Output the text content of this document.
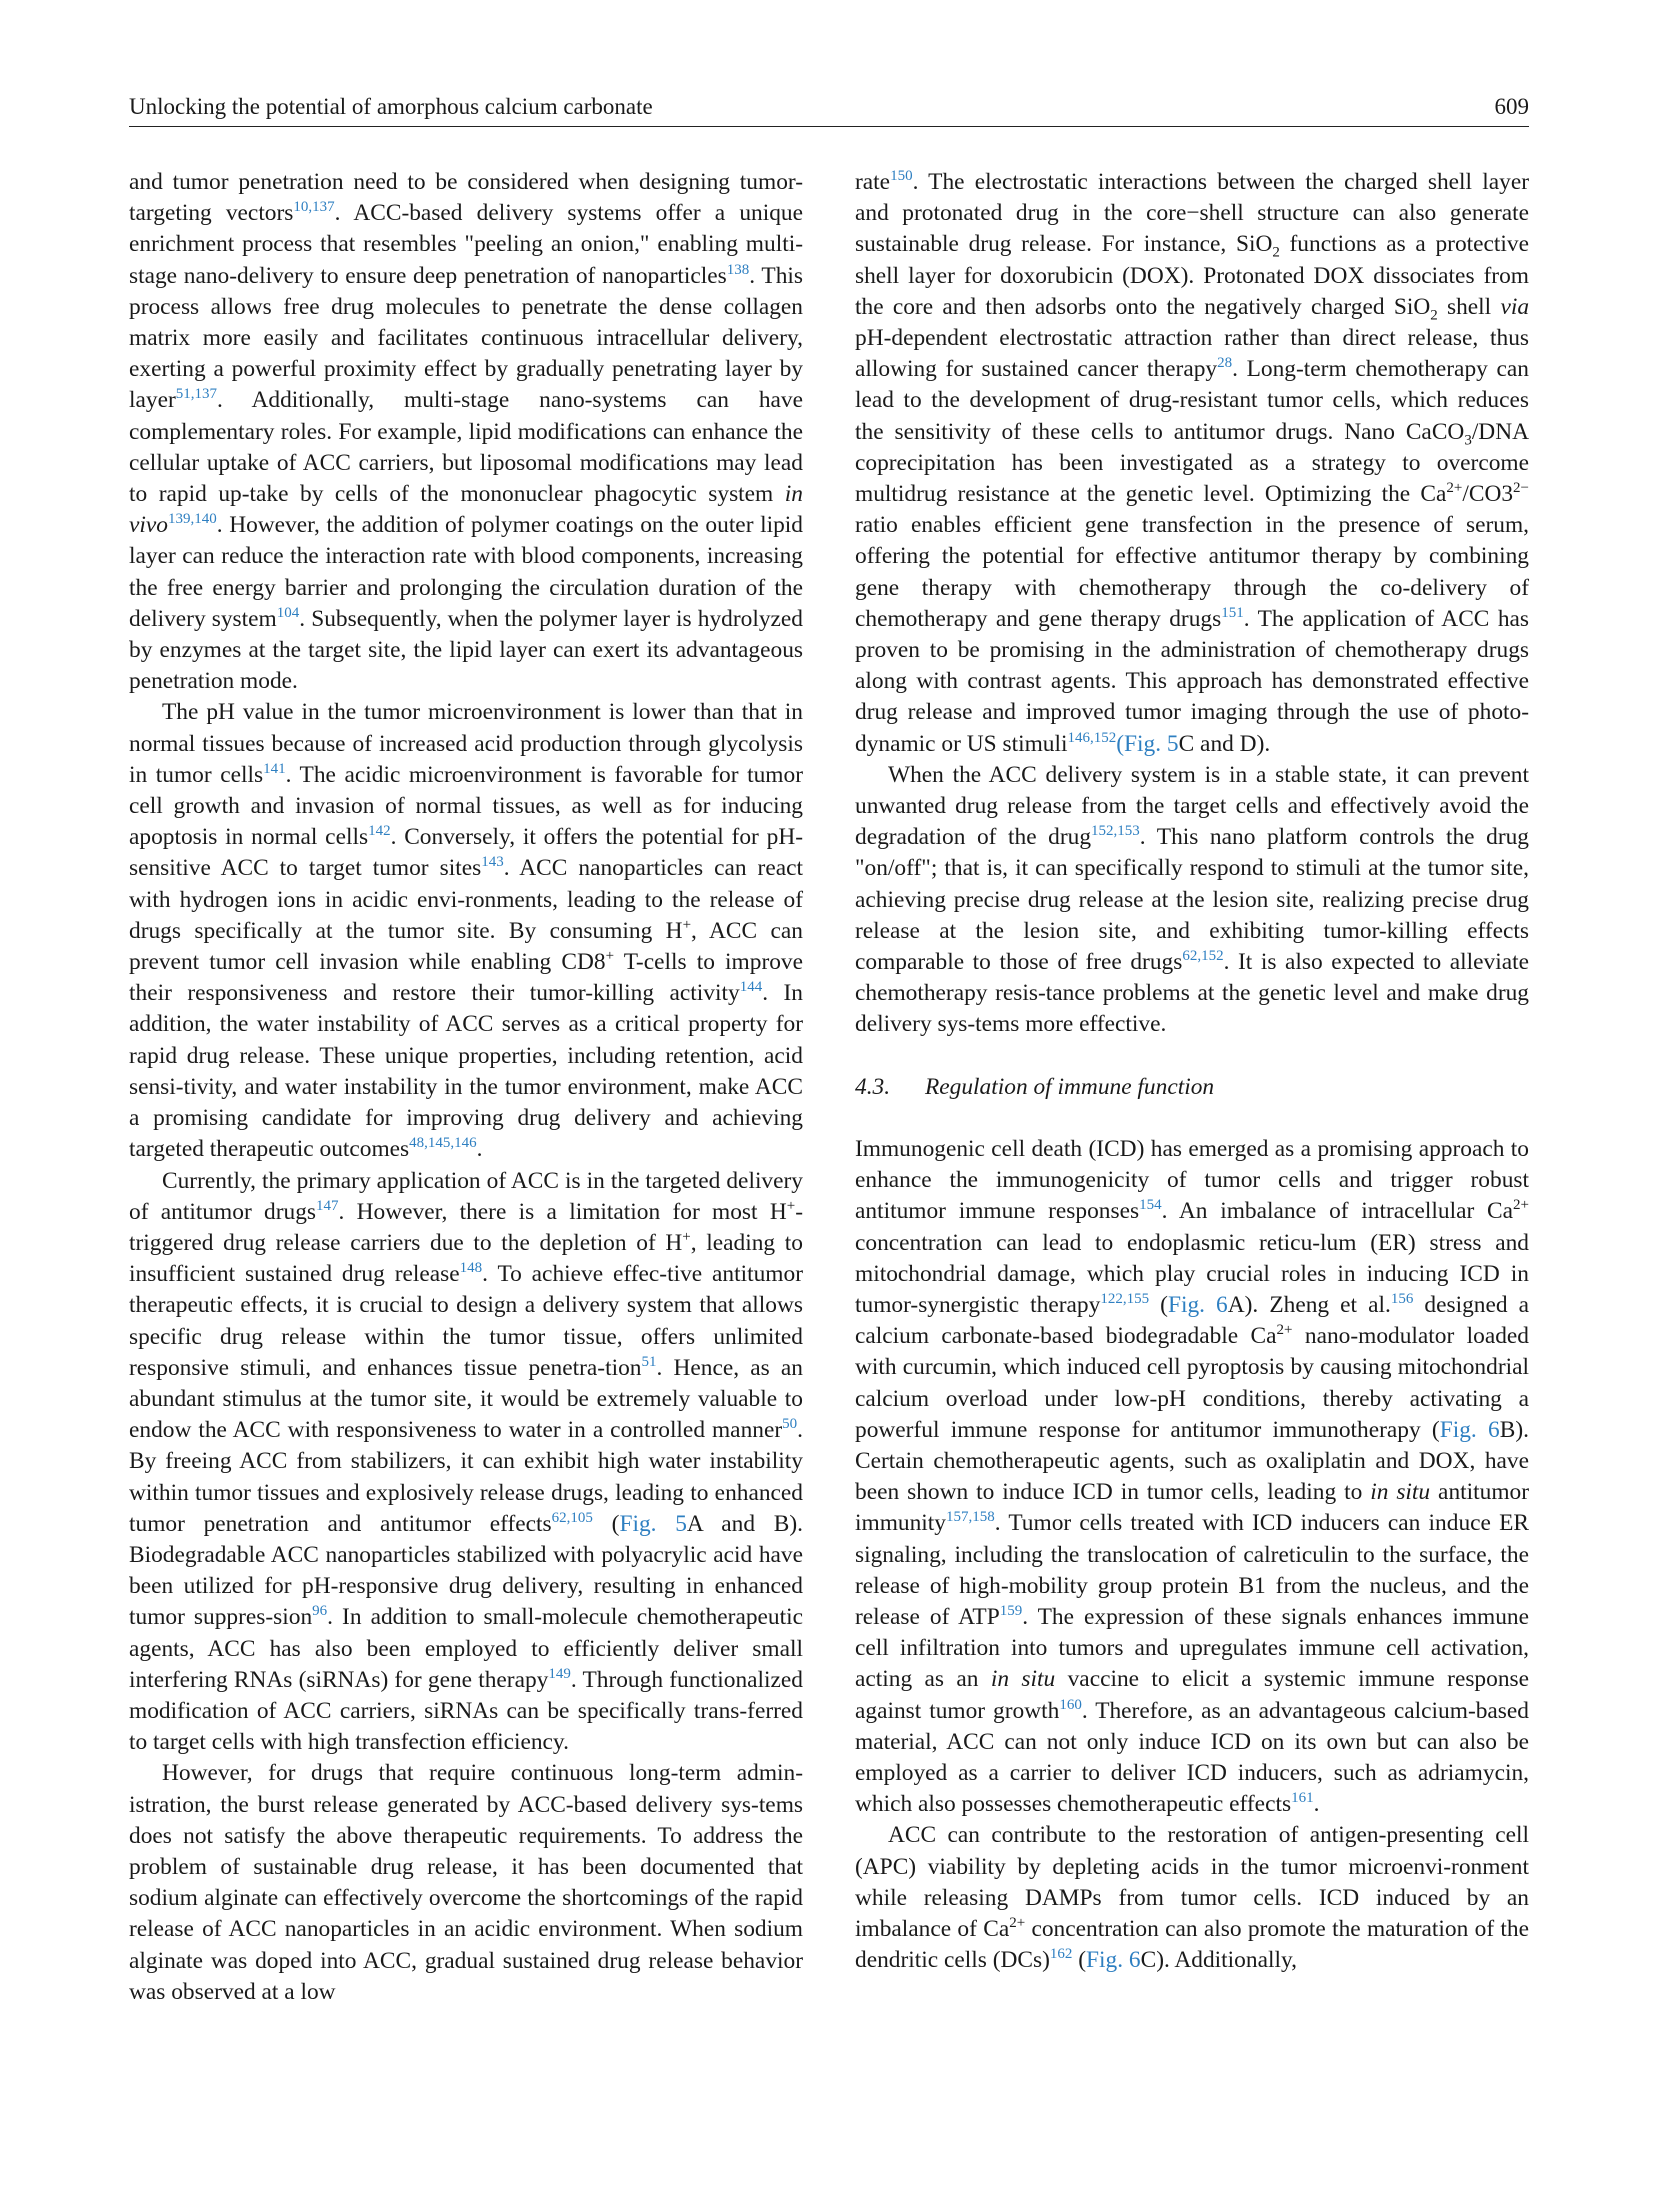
Unlocking the potential of amorphous calcium carbonate	609

and tumor penetration need to be considered when designing tumor-targeting vectors$^{10,137}$. ACC-based delivery systems offer a unique enrichment process that resembles "peeling an onion," enabling multi-stage nano-delivery to ensure deep penetration of nanoparticles$^{138}$. This process allows free drug molecules to penetrate the dense collagen matrix more easily and facilitates continuous intracellular delivery, exerting a powerful proximity effect by gradually penetrating layer by layer$^{51,137}$. Additionally, multi-stage nano-systems can have complementary roles. For example, lipid modifications can enhance the cellular uptake of ACC carriers, but liposomal modifications may lead to rapid up-take by cells of the mononuclear phagocytic system in vivo$^{139,140}$. However, the addition of polymer coatings on the outer lipid layer can reduce the interaction rate with blood components, increasing the free energy barrier and prolonging the circulation duration of the delivery system$^{104}$. Subsequently, when the polymer layer is hydrolyzed by enzymes at the target site, the lipid layer can exert its advantageous penetration mode.

The pH value in the tumor microenvironment is lower than that in normal tissues because of increased acid production through glycolysis in tumor cells$^{141}$. The acidic microenvironment is favorable for tumor cell growth and invasion of normal tissues, as well as for inducing apoptosis in normal cells$^{142}$. Conversely, it offers the potential for pH-sensitive ACC to target tumor sites$^{143}$. ACC nanoparticles can react with hydrogen ions in acidic envi-ronments, leading to the release of drugs specifically at the tumor site. By consuming H+, ACC can prevent tumor cell invasion while enabling CD8+ T-cells to improve their responsiveness and restore their tumor-killing activity$^{144}$. In addition, the water instability of ACC serves as a critical property for rapid drug release. These unique properties, including retention, acid sensi-tivity, and water instability in the tumor environment, make ACC a promising candidate for improving drug delivery and achieving targeted therapeutic outcomes$^{48,145,146}$.

Currently, the primary application of ACC is in the targeted delivery of antitumor drugs$^{147}$. However, there is a limitation for most H+-triggered drug release carriers due to the depletion of H+, leading to insufficient sustained drug release$^{148}$. To achieve effec-tive antitumor therapeutic effects, it is crucial to design a delivery system that allows specific drug release within the tumor tissue, offers unlimited responsive stimuli, and enhances tissue penetra-tion$^{51}$. Hence, as an abundant stimulus at the tumor site, it would be extremely valuable to endow the ACC with responsiveness to water in a controlled manner$^{50}$. By freeing ACC from stabilizers, it can exhibit high water instability within tumor tissues and explosively release drugs, leading to enhanced tumor penetration and antitumor effects$^{62,105}$ (Fig. 5A and B). Biodegradable ACC nanoparticles stabilized with polyacrylic acid have been utilized for pH-responsive drug delivery, resulting in enhanced tumor suppres-sion$^{96}$. In addition to small-molecule chemotherapeutic agents, ACC has also been employed to efficiently deliver small interfering RNAs (siRNAs) for gene therapy$^{149}$. Through functionalized modification of ACC carriers, siRNAs can be specifically trans-ferred to target cells with high transfection efficiency.

However, for drugs that require continuous long-term admin-istration, the burst release generated by ACC-based delivery sys-tems does not satisfy the above therapeutic requirements. To address the problem of sustainable drug release, it has been documented that sodium alginate can effectively overcome the shortcomings of the rapid release of ACC nanoparticles in an acidic environment. When sodium alginate was doped into ACC, gradual sustained drug release behavior was observed at a low

rate$^{150}$. The electrostatic interactions between the charged shell layer and protonated drug in the core−shell structure can also generate sustainable drug release. For instance, SiO$_2$ functions as a protective shell layer for doxorubicin (DOX). Protonated DOX dissociates from the core and then adsorbs onto the negatively charged SiO$_2$ shell via pH-dependent electrostatic attraction rather than direct release, thus allowing for sustained cancer therapy$^{28}$. Long-term chemotherapy can lead to the development of drug-resistant tumor cells, which reduces the sensitivity of these cells to antitumor drugs. Nano CaCO$_3$/DNA coprecipitation has been investigated as a strategy to overcome multidrug resistance at the genetic level. Optimizing the $Ca^{2+}/CO3^{2-}$ ratio enables efficient gene transfection in the presence of serum, offering the potential for effective antitumor therapy by combining gene therapy with chemotherapy through the co-delivery of chemotherapy and gene therapy drugs$^{151}$. The application of ACC has proven to be promising in the administration of chemotherapy drugs along with contrast agents. This approach has demonstrated effective drug release and improved tumor imaging through the use of photo-dynamic or US stimuli$^{146,152}$(Fig. 5C and D).

When the ACC delivery system is in a stable state, it can prevent unwanted drug release from the target cells and effectively avoid the degradation of the drug$^{152,153}$. This nano platform controls the drug "on/off"; that is, it can specifically respond to stimuli at the tumor site, achieving precise drug release at the lesion site, realizing precise drug release at the lesion site, and exhibiting tumor-killing effects comparable to those of free drugs$^{62,152}$. It is also expected to alleviate chemotherapy resis-tance problems at the genetic level and make drug delivery sys-tems more effective.

4.3. Regulation of immune function

Immunogenic cell death (ICD) has emerged as a promising approach to enhance the immunogenicity of tumor cells and trigger robust antitumor immune responses$^{154}$. An imbalance of intracellular $Ca^{2+}$ concentration can lead to endoplasmic reticu-lum (ER) stress and mitochondrial damage, which play crucial roles in inducing ICD in tumor-synergistic therapy$^{122,155}$ (Fig. 6A). Zheng et al.$^{156}$ designed a calcium carbonate-based biodegradable $Ca^{2+}$ nano-modulator loaded with curcumin, which induced cell pyroptosis by causing mitochondrial calcium overload under low-pH conditions, thereby activating a powerful immune response for antitumor immunotherapy (Fig. 6B). Certain chemotherapeutic agents, such as oxaliplatin and DOX, have been shown to induce ICD in tumor cells, leading to in situ antitumor immunity$^{157,158}$. Tumor cells treated with ICD inducers can induce ER signaling, including the translocation of calreticulin to the surface, the release of high-mobility group protein B1 from the nucleus, and the release of ATP$^{159}$. The expression of these signals enhances immune cell infiltration into tumors and upregulates immune cell activation, acting as an in situ vaccine to elicit a systemic immune response against tumor growth$^{160}$. Therefore, as an advantageous calcium-based material, ACC can not only induce ICD on its own but can also be employed as a carrier to deliver ICD inducers, such as adriamycin, which also possesses chemotherapeutic effects$^{161}$.

ACC can contribute to the restoration of antigen-presenting cell (APC) viability by depleting acids in the tumor microenvi-ronment while releasing DAMPs from tumor cells. ICD induced by an imbalance of $Ca^{2+}$ concentration can also promote the maturation of the dendritic cells (DCs)$^{162}$ (Fig. 6C). Additionally,
